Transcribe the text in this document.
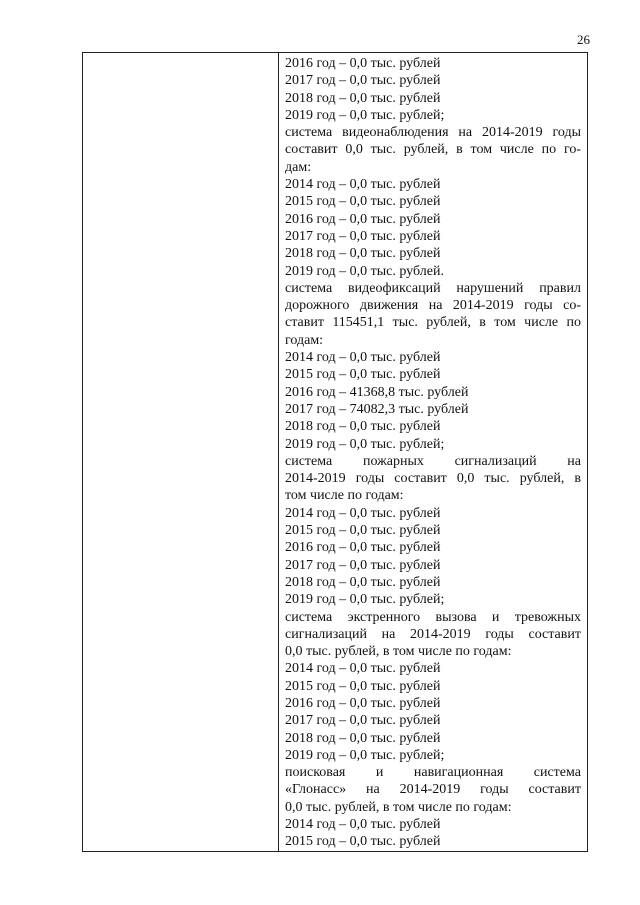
26
2016 год – 0,0 тыс. рублей
2017 год – 0,0 тыс. рублей
2018 год – 0,0 тыс. рублей
2019 год – 0,0 тыс. рублей;
система видеонаблюдения на 2014-2019 годы
составит 0,0 тыс. рублей, в том числе по го-
дам:
2014 год – 0,0 тыс. рублей
2015 год – 0,0 тыс. рублей
2016 год – 0,0 тыс. рублей
2017 год – 0,0 тыс. рублей
2018 год – 0,0 тыс. рублей
2019 год – 0,0 тыс. рублей.
система видеофиксаций нарушений правил
дорожного движения на 2014-2019 годы со-
ставит 115451,1 тыс. рублей, в том числе по
годам:
2014 год – 0,0 тыс. рублей
2015 год – 0,0 тыс. рублей
2016 год – 41368,8 тыс. рублей
2017 год – 74082,3 тыс. рублей
2018 год – 0,0 тыс. рублей
2019 год – 0,0 тыс. рублей;
система пожарных сигнализаций на
2014-2019 годы составит 0,0 тыс. рублей, в
том числе по годам:
2014 год – 0,0 тыс. рублей
2015 год – 0,0 тыс. рублей
2016 год – 0,0 тыс. рублей
2017 год – 0,0 тыс. рублей
2018 год – 0,0 тыс. рублей
2019 год – 0,0 тыс. рублей;
система экстренного вызова и тревожных
сигнализаций на 2014-2019 годы составит
0,0 тыс. рублей, в том числе по годам:
2014 год – 0,0 тыс. рублей
2015 год – 0,0 тыс. рублей
2016 год – 0,0 тыс. рублей
2017 год – 0,0 тыс. рублей
2018 год – 0,0 тыс. рублей
2019 год – 0,0 тыс. рублей;
поисковая и навигационная система
«Глонасс» на 2014-2019 годы составит
0,0 тыс. рублей, в том числе по годам:
2014 год – 0,0 тыс. рублей
2015 год – 0,0 тыс. рублей
